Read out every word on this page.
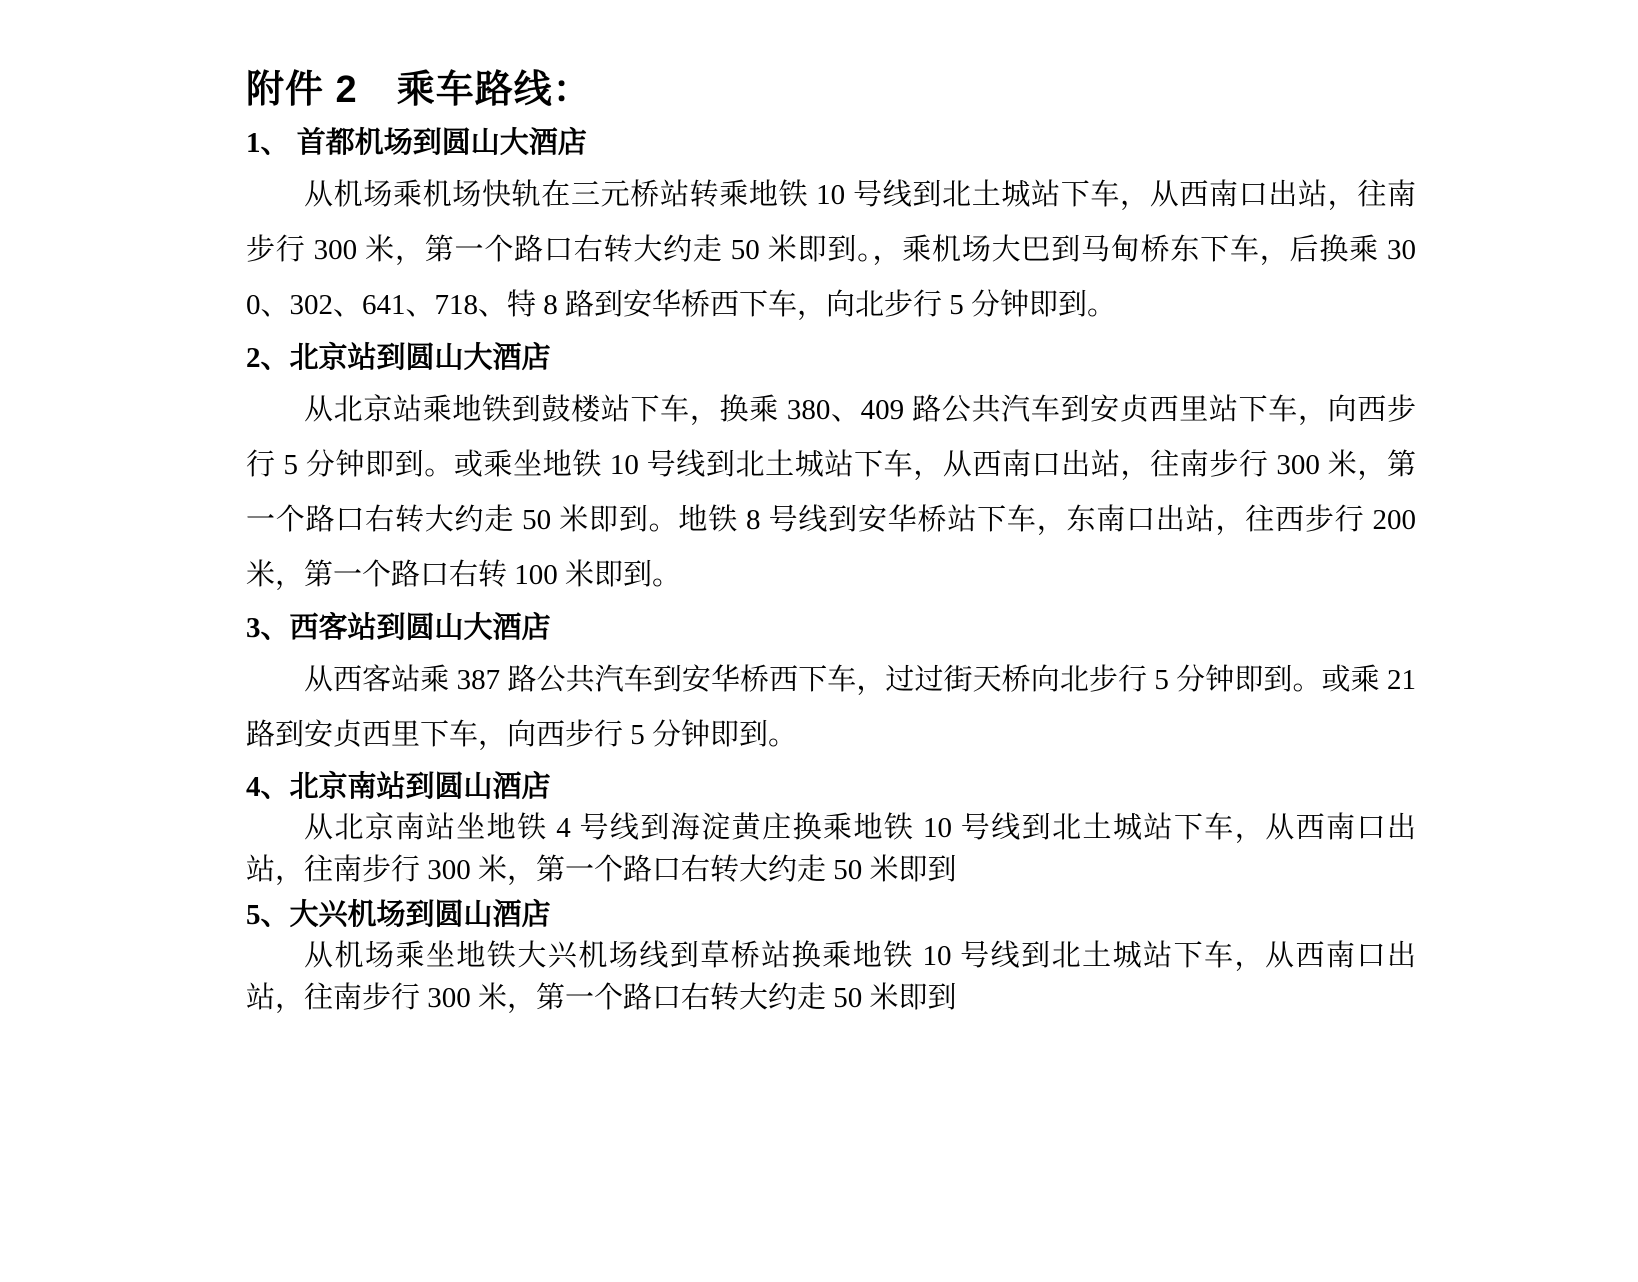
附件 2　乘车路线：
1、 首都机场到圆山大酒店

从机场乘机场快轨在三元桥站转乘地铁 10 号线到北土城站下车，从西南口出站，往南步行 300 米，第一个路口右转大约走 50 米即到。，乘机场大巴到马甸桥东下车，后换乘 300、302、641、718、特 8 路到安华桥西下车，向北步行 5 分钟即到。

2、北京站到圆山大酒店

从北京站乘地铁到鼓楼站下车，换乘 380、409 路公共汽车到安贞西里站下车，向西步行 5 分钟即到。或乘坐地铁 10 号线到北土城站下车，从西南口出站，往南步行 300 米，第一个路口右转大约走 50 米即到。地铁 8 号线到安华桥站下车，东南口出站，往西步行 200 米，第一个路口右转 100 米即到。

3、西客站到圆山大酒店

从西客站乘 387 路公共汽车到安华桥西下车，过过街天桥向北步行 5 分钟即到。或乘 21 路到安贞西里下车，向西步行 5 分钟即到。

4、北京南站到圆山酒店

从北京南站坐地铁 4 号线到海淀黄庄换乘地铁 10 号线到北土城站下车，从西南口出站，往南步行 300 米，第一个路口右转大约走 50 米即到

5、大兴机场到圆山酒店

从机场乘坐地铁大兴机场线到草桥站换乘地铁 10 号线到北土城站下车，从西南口出站，往南步行 300 米，第一个路口右转大约走 50 米即到
